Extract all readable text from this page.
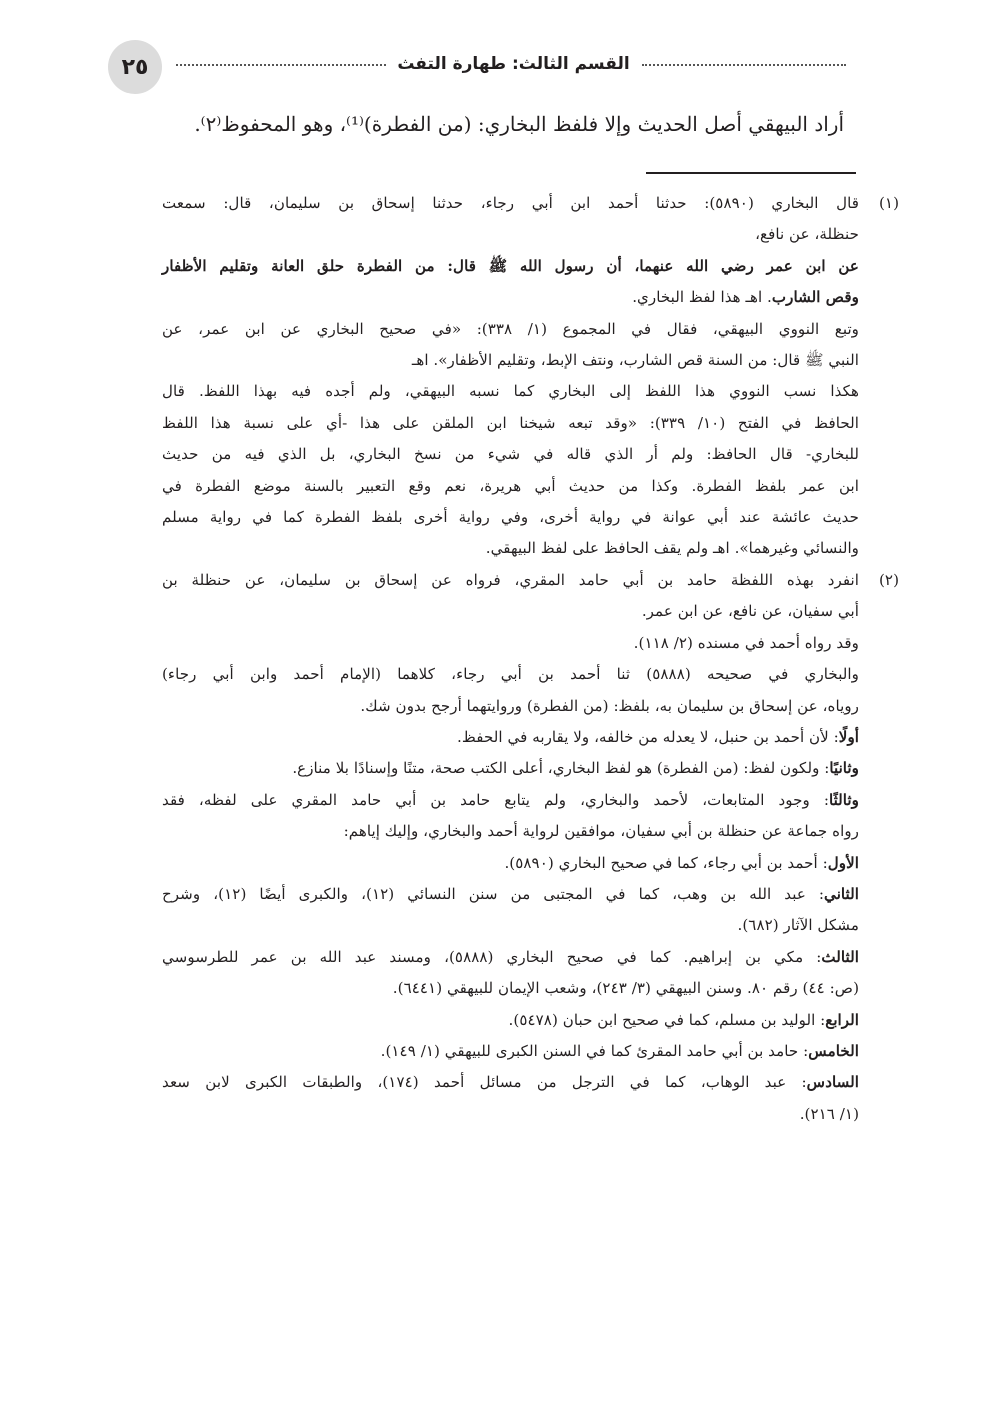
٢٥	القسم الثالث: طهارة التفث
أراد البيهقي أصل الحديث وإلا فلفظ البخاري: (من الفطرة)⁽¹⁾، وهو المحفوظ⁽٢⁾.
(١)
قال البخاري (٥٨٩٠): حدثنا أحمد ابن أبي رجاء، حدثنا إسحاق بن سليمان، قال: سمعت
حنظلة، عن نافع،
عن ابن عمر رضي الله عنهما، أن رسول الله ﷺ قال: من الفطرة حلق العانة وتقليم الأظفار
وقص الشارب. اهـ هذا لفظ البخاري.
وتبع النووي البيهقي، فقال في المجموع (١/ ٣٣٨): «في صحيح البخاري عن ابن عمر، عن
النبي ﷺ قال: من السنة قص الشارب، ونتف الإبط، وتقليم الأظفار». اهـ
هكذا نسب النووي هذا اللفظ إلى البخاري كما نسبه البيهقي، ولم أجده فيه بهذا اللفظ. قال
الحافظ في الفتح (١٠/ ٣٣٩): «وقد تبعه شيخنا ابن الملقن على هذا -أي على نسبة هذا اللفظ
للبخاري- قال الحافظ: ولم أر الذي قاله في شيء من نسخ البخاري، بل الذي فيه من حديث
ابن عمر بلفظ الفطرة. وكذا من حديث أبي هريرة، نعم وقع التعبير بالسنة موضع الفطرة في
حديث عائشة عند أبي عوانة في رواية أخرى، وفي رواية أخرى بلفظ الفطرة كما في رواية مسلم
والنسائي وغيرهما». اهـ ولم يقف الحافظ على لفظ البيهقي.
(٢)
انفرد بهذه اللفظة حامد بن أبي حامد المقري، فرواه عن إسحاق بن سليمان، عن حنظلة بن
أبي سفيان، عن نافع، عن ابن عمر.
وقد رواه أحمد في مسنده (٢/ ١١٨).
والبخاري في صحيحه (٥٨٨٨) ثنا أحمد بن أبي رجاء، كلاهما (الإمام أحمد وابن أبي رجاء)
روياه، عن إسحاق بن سليمان به، بلفظ: (من الفطرة) وروايتهما أرجح بدون شك.
أولًا: لأن أحمد بن حنبل، لا يعدله من خالفه، ولا يقاربه في الحفظ.
وثانيًا: ولكون لفظ: (من الفطرة) هو لفظ البخاري، أعلى الكتب صحة، متنًا وإسنادًا بلا منازع.
وثالثًا: وجود المتابعات، لأحمد والبخاري، ولم يتابع حامد بن أبي حامد المقري على لفظه، فقد
رواه جماعة عن حنظلة بن أبي سفيان، موافقين لرواية أحمد والبخاري، وإليك إياهم:
الأول: أحمد بن أبي رجاء، كما في صحيح البخاري (٥٨٩٠).
الثاني: عبد الله بن وهب، كما في المجتبى من سنن النسائي (١٢)، والكبرى أيضًا (١٢)، وشرح
مشكل الآثار (٦٨٢).
الثالث: مكي بن إبراهيم. كما في صحيح البخاري (٥٨٨٨)، ومسند عبد الله بن عمر للطرسوسي
(ص: ٤٤) رقم ٨٠. وسنن البيهقي (٣/ ٢٤٣)، وشعب الإيمان للبيهقي (٦٤٤١).
الرابع: الوليد بن مسلم، كما في صحيح ابن حبان (٥٤٧٨).
الخامس: حامد بن أبي حامد المقرئ كما في السنن الكبرى للبيهقي (١/ ١٤٩).
السادس: عبد الوهاب، كما في الترجل من مسائل أحمد (١٧٤)، والطبقات الكبرى لابن سعد
(١/ ٢١٦).
